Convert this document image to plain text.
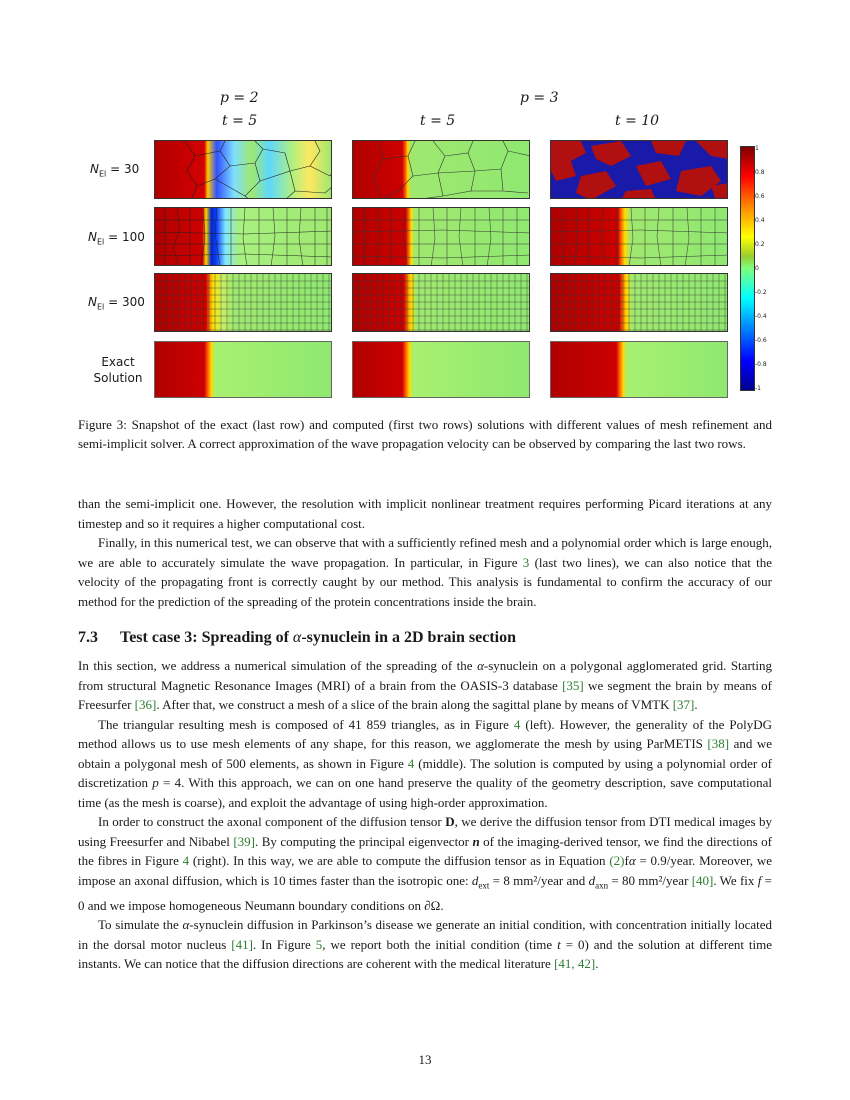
p = 2	p = 3
t = 5	t = 5	t = 10
$N_{El} = 30$
$N_{El} = 100$
$N_{El} = 300$
Exact
Solution
1
0.8
0.6
0.4
0.2
0
-0.2
-0.4
-0.6
-0.8
-1
Figure 3: Snapshot of the exact (last row) and computed (first two rows) solutions with different values of mesh refinement and semi-implicit solver. A correct approximation of the wave propagation velocity can be observed by comparing the last two rows.

than the semi-implicit one. However, the resolution with implicit nonlinear treatment requires performing Picard iterations at any timestep and so it requires a higher computational cost.

Finally, in this numerical test, we can observe that with a sufficiently refined mesh and a polynomial order which is large enough, we are able to accurately simulate the wave propagation. In particular, in Figure 3 (last two lines), we can also notice that the velocity of the propagating front is correctly caught by our method. This analysis is fundamental to confirm the accuracy of our method for the prediction of the spreading of the protein concentrations inside the brain.

7.3 Test case 3: Spreading of α-synuclein in a 2D brain section

In this section, we address a numerical simulation of the spreading of the α-synuclein on a polygonal agglomerated grid. Starting from structural Magnetic Resonance Images (MRI) of a brain from the OASIS-3 database [35] we segment the brain by means of Freesurfer [36]. After that, we construct a mesh of a slice of the brain along the sagittal plane by means of VMTK [37].

The triangular resulting mesh is composed of 41 859 triangles, as in Figure 4 (left). However, the generality of the PolyDG method allows us to use mesh elements of any shape, for this reason, we agglomerate the mesh by using ParMETIS [38] and we obtain a polygonal mesh of 500 elements, as shown in Figure 4 (middle). The solution is computed by using a polynomial order of discretization p = 4. With this approach, we can on one hand preserve the quality of the geometry description, save computational time (as the mesh is coarse), and exploit the advantage of using high-order approximation.

In order to construct the axonal component of the diffusion tensor D, we derive the diffusion tensor from DTI medical images by using Freesurfer and Nibabel [39]. By computing the principal eigenvector n of the imaging-derived tensor, we find the directions of the fibres in Figure 4 (right). In this way, we are able to compute the diffusion tensor as in Equation (2)fα = 0.9/year. Moreover, we impose an axonal diffusion, which is 10 times faster than the isotropic one: $d_{ext} = 8$ mm²/year and $d_{axn} = 80$ mm²/year [40]. We fix f = 0 and we impose homogeneous Neumann boundary conditions on ∂Ω.

To simulate the α-synuclein diffusion in Parkinson’s disease we generate an initial condition, with concentration initially located in the dorsal motor nucleus [41]. In Figure 5, we report both the initial condition (time t = 0) and the solution at different time instants. We can notice that the diffusion directions are coherent with the medical literature [41, 42].

13
